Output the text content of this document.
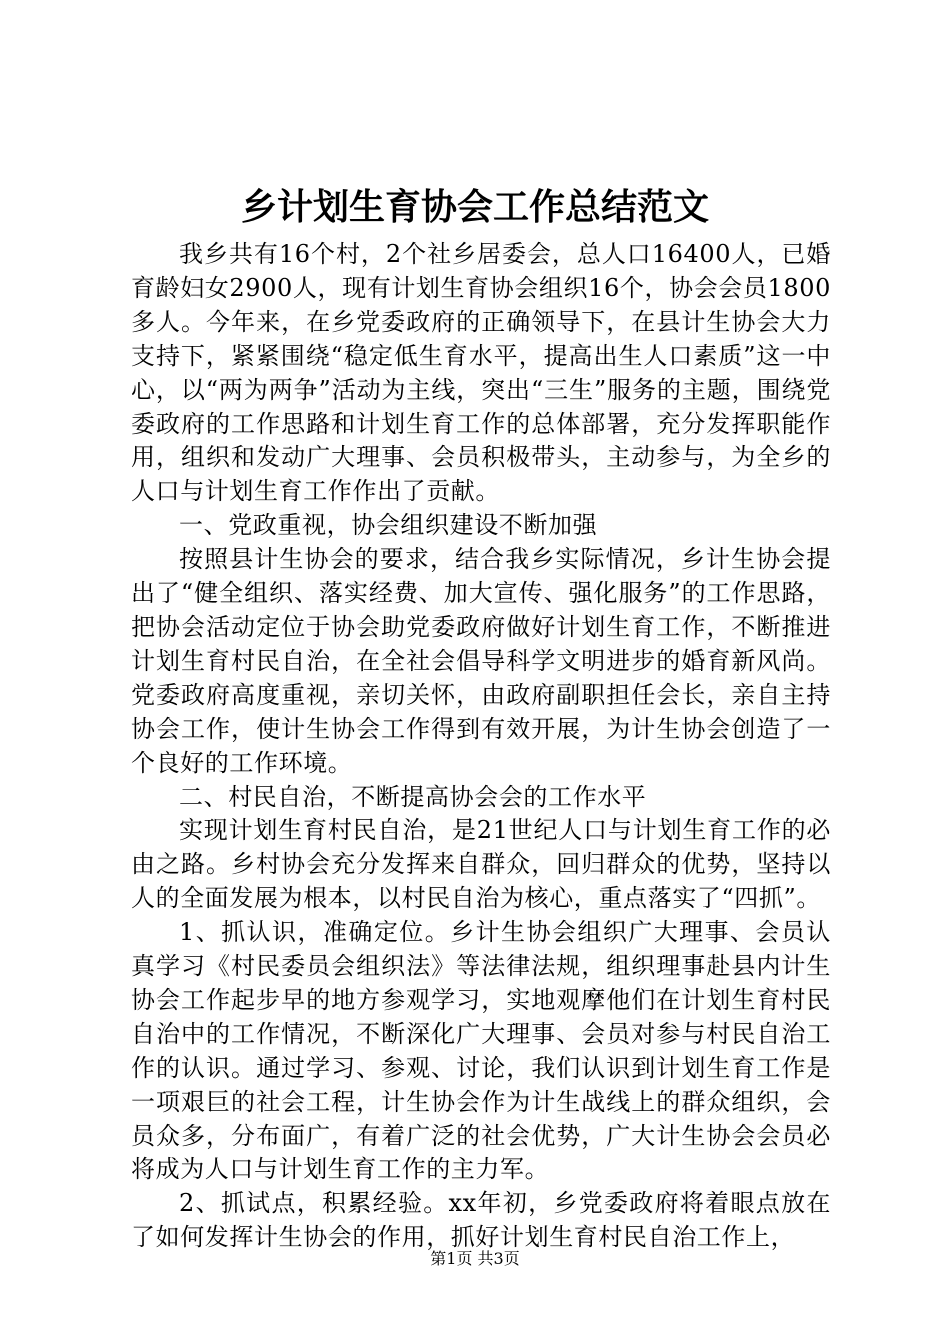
乡计划生育协会工作总结范文

我乡共有16个村，2个社乡居委会，总人口16400人，已婚育龄妇女2900人，现有计划生育协会组织16个，协会会员1800多人。今年来，在乡党委政府的正确领导下，在县计生协会大力支持下，紧紧围绕“稳定低生育水平，提高出生人口素质”这一中心，以“两为两争”活动为主线，突出“三生”服务的主题，围绕党委政府的工作思路和计划生育工作的总体部署，充分发挥职能作用，组织和发动广大理事、会员积极带头，主动参与，为全乡的人口与计划生育工作作出了贡献。

一、党政重视，协会组织建设不断加强

按照县计生协会的要求，结合我乡实际情况，乡计生协会提出了“健全组织、落实经费、加大宣传、强化服务”的工作思路，把协会活动定位于协会助党委政府做好计划生育工作，不断推进计划生育村民自治，在全社会倡导科学文明进步的婚育新风尚。党委政府高度重视，亲切关怀，由政府副职担任会长，亲自主持协会工作，使计生协会工作得到有效开展，为计生协会创造了一个良好的工作环境。

二、村民自治，不断提高协会会的工作水平

实现计划生育村民自治，是21世纪人口与计划生育工作的必由之路。乡村协会充分发挥来自群众，回归群众的优势，坚持以人的全面发展为根本，以村民自治为核心，重点落实了“四抓”。

1、抓认识，准确定位。乡计生协会组织广大理事、会员认真学习《村民委员会组织法》等法律法规，组织理事赴县内计生协会工作起步早的地方参观学习，实地观摩他们在计划生育村民自治中的工作情况，不断深化广大理事、会员对参与村民自治工作的认识。通过学习、参观、讨论，我们认识到计划生育工作是一项艰巨的社会工程，计生协会作为计生战线上的群众组织，会员众多，分布面广，有着广泛的社会优势，广大计生协会会员必将成为人口与计划生育工作的主力军。

2、抓试点，积累经验。xx年初，乡党委政府将着眼点放在了如何发挥计生协会的作用，抓好计划生育村民自治工作上，

第1页 共3页
